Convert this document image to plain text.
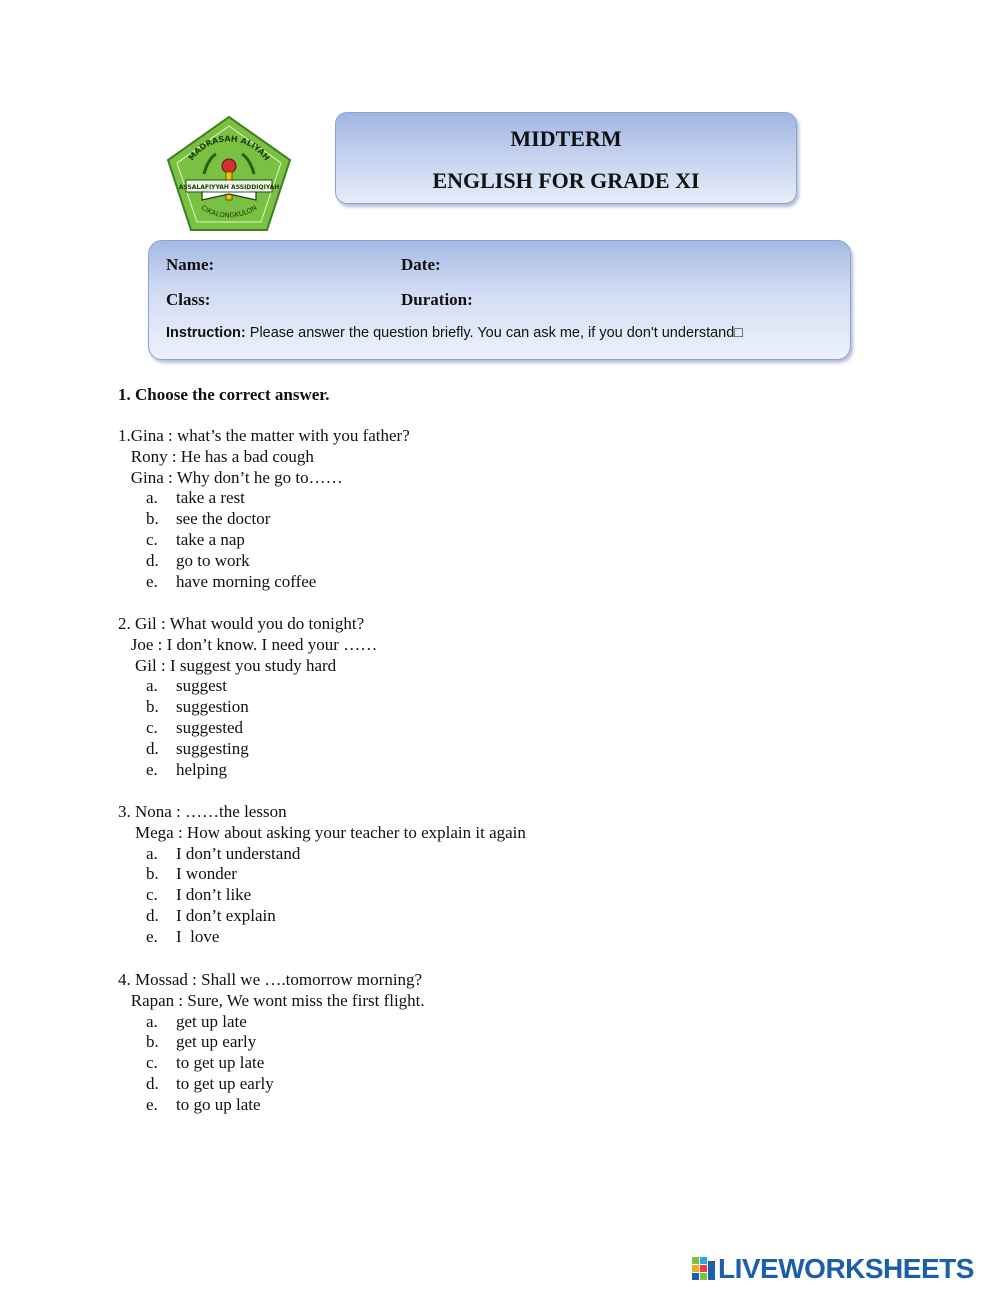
MADRASAH ALIYAH
ASSALAFIYYAH ASSIDDIQIYAH
CIKALONGKULON
MIDTERM
ENGLISH FOR GRADE XI
Name:	Date:
Class:	Duration:
Instruction: Please answer the question briefly. You can ask me, if you don't understand□
1. Choose the correct answer.
1.Gina : what’s the matter with you father?
Rony : He has a bad cough
Gina : Why don’t he go to……
a. take a rest
b. see the doctor
c. take a nap
d. go to work
e. have morning coffee
2. Gil : What would you do tonight?
Joe : I don’t know. I need your ……
Gil : I suggest you study hard
a. suggest
b. suggestion
c. suggested
d. suggesting
e. helping
3. Nona : ……the lesson
Mega : How about asking your teacher to explain it again
a. I don’t understand
b. I wonder
c. I don’t like
d. I don’t explain
e. I  love
4. Mossad : Shall we ….tomorrow morning?
Rapan : Sure, We wont miss the first flight.
a. get up late
b. get up early
c. to get up late
d. to get up early
e. to go up late
LIVEWORKSHEETS
